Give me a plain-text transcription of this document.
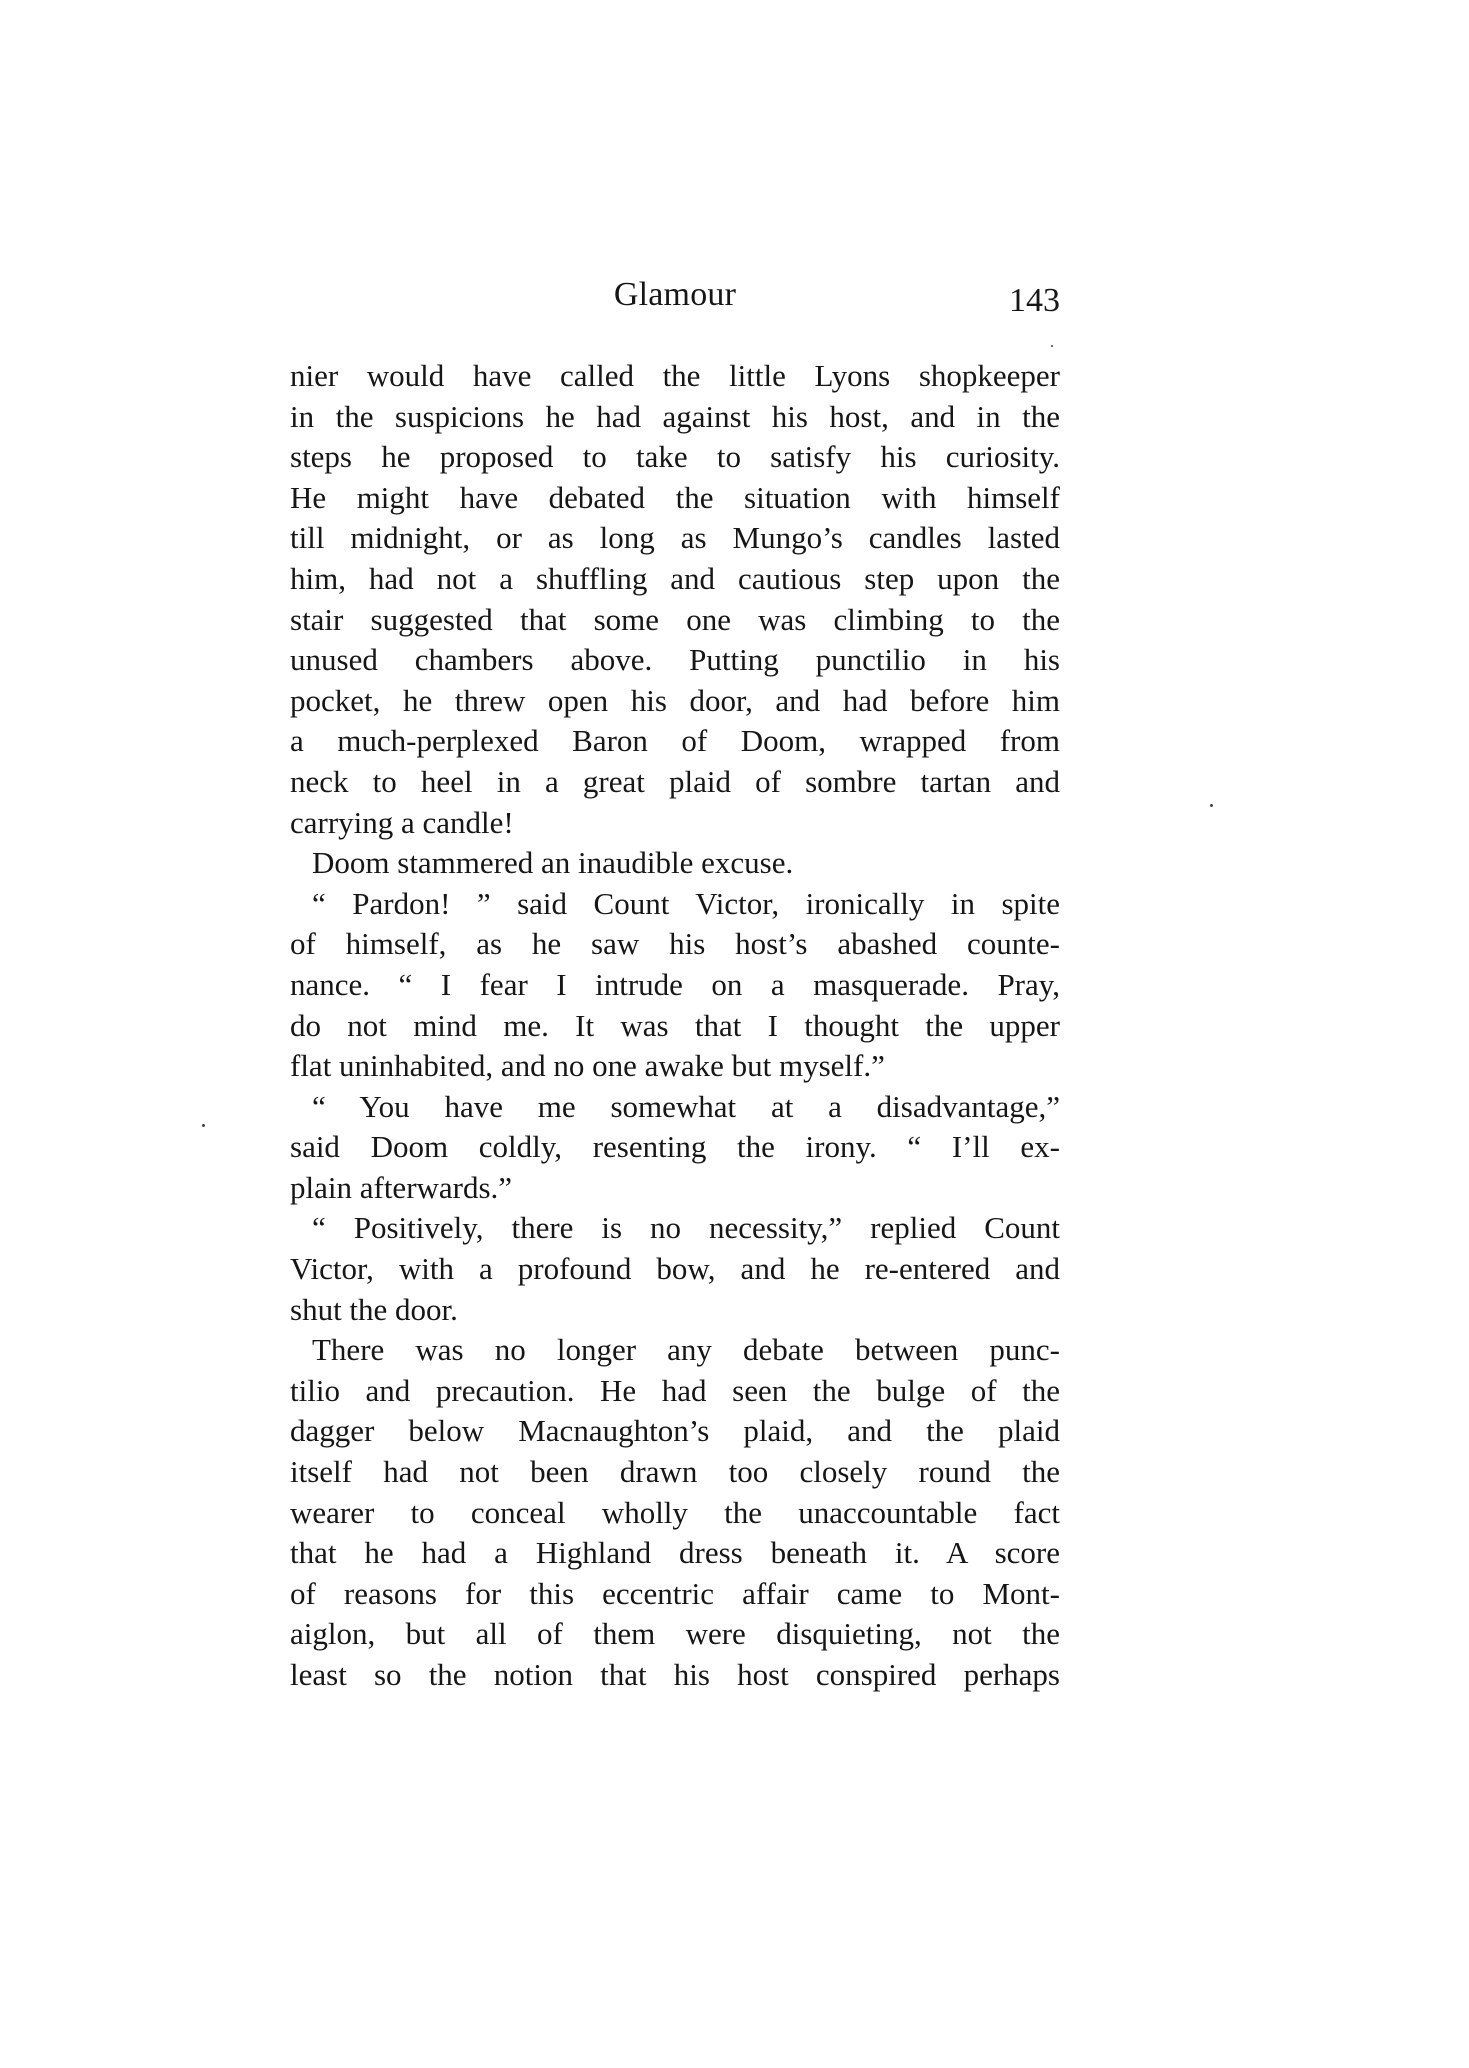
Glamour	143
nier would have called the little Lyons shopkeeper
in the suspicions he had against his host, and in the
steps he proposed to take to satisfy his curiosity.
He might have debated the situation with himself
till midnight, or as long as Mungo’s candles lasted
him, had not a shuffling and cautious step upon the
stair suggested that some one was climbing to the
unused chambers above. Putting punctilio in his
pocket, he threw open his door, and had before him
a much-perplexed Baron of Doom, wrapped from
neck to heel in a great plaid of sombre tartan and
carrying a candle!
Doom stammered an inaudible excuse.
“ Pardon! ” said Count Victor, ironically in spite
of himself, as he saw his host’s abashed counte-
nance. “ I fear I intrude on a masquerade. Pray,
do not mind me. It was that I thought the upper
flat uninhabited, and no one awake but myself.”
“ You have me somewhat at a disadvantage,”
said Doom coldly, resenting the irony. “ I’ll ex-
plain afterwards.”
“ Positively, there is no necessity,” replied Count
Victor, with a profound bow, and he re-entered and
shut the door.
There was no longer any debate between punc-
tilio and precaution. He had seen the bulge of the
dagger below Macnaughton’s plaid, and the plaid
itself had not been drawn too closely round the
wearer to conceal wholly the unaccountable fact
that he had a Highland dress beneath it. A score
of reasons for this eccentric affair came to Mont-
aiglon, but all of them were disquieting, not the
least so the notion that his host conspired perhaps
